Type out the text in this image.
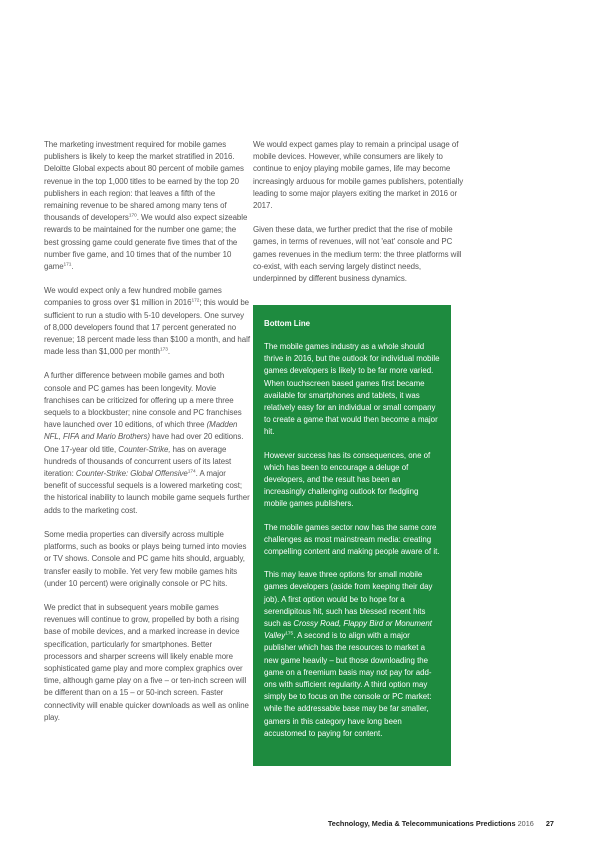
The marketing investment required for mobile games publishers is likely to keep the market stratified in 2016. Deloitte Global expects about 80 percent of mobile games revenue in the top 1,000 titles to be earned by the top 20 publishers in each region: that leaves a fifth of the remaining revenue to be shared among many tens of thousands of developers$^{170}$. We would also expect sizeable rewards to be maintained for the number one game; the best grossing game could generate five times that of the number five game, and 10 times that of the number 10 game$^{171}$.

We would expect only a few hundred mobile games companies to gross over $1 million in 2016$^{172}$; this would be sufficient to run a studio with 5-10 developers. One survey of 8,000 developers found that 17 percent generated no revenue; 18 percent made less than $100 a month, and half made less than $1,000 per month$^{173}$.

A further difference between mobile games and both console and PC games has been longevity. Movie franchises can be criticized for offering up a mere three sequels to a blockbuster; nine console and PC franchises have launched over 10 editions, of which three (Madden NFL, FIFA and Mario Brothers) have had over 20 editions. One 17-year old title, Counter-Strike, has on average hundreds of thousands of concurrent users of its latest iteration: Counter-Strike: Global Offensive$^{174}$. A major benefit of successful sequels is a lowered marketing cost; the historical inability to launch mobile game sequels further adds to the marketing cost.

Some media properties can diversify across multiple platforms, such as books or plays being turned into movies or TV shows. Console and PC game hits should, arguably, transfer easily to mobile. Yet very few mobile games hits (under 10 percent) were originally console or PC hits.

We predict that in subsequent years mobile games revenues will continue to grow, propelled by both a rising base of mobile devices, and a marked increase in device specification, particularly for smartphones. Better processors and sharper screens will likely enable more sophisticated game play and more complex graphics over time, although game play on a five – or ten-inch screen will be different than on a 15 – or 50-inch screen. Faster connectivity will enable quicker downloads as well as online play.

We would expect games play to remain a principal usage of mobile devices. However, while consumers are likely to continue to enjoy playing mobile games, life may become increasingly arduous for mobile games publishers, potentially leading to some major players exiting the market in 2016 or 2017.

Given these data, we further predict that the rise of mobile games, in terms of revenues, will not 'eat' console and PC games revenues in the medium term: the three platforms will co-exist, with each serving largely distinct needs, underpinned by different business dynamics.

Bottom Line

The mobile games industry as a whole should thrive in 2016, but the outlook for individual mobile games developers is likely to be far more varied. When touchscreen based games first became available for smartphones and tablets, it was relatively easy for an individual or small company to create a game that would then become a major hit.

However success has its consequences, one of which has been to encourage a deluge of developers, and the result has been an increasingly challenging outlook for fledgling mobile games publishers.

The mobile games sector now has the same core challenges as most mainstream media: creating compelling content and making people aware of it.

This may leave three options for small mobile games developers (aside from keeping their day job). A first option would be to hope for a serendipitous hit, such has blessed recent hits such as Crossy Road, Flappy Bird or Monument Valley$^{175}$. A second is to align with a major publisher which has the resources to market a new game heavily – but those downloading the game on a freemium basis may not pay for add-ons with sufficient regularity. A third option may simply be to focus on the console or PC market: while the addressable base may be far smaller, gamers in this category have long been accustomed to paying for content.

Technology, Media & Telecommunications Predictions 2016 27
